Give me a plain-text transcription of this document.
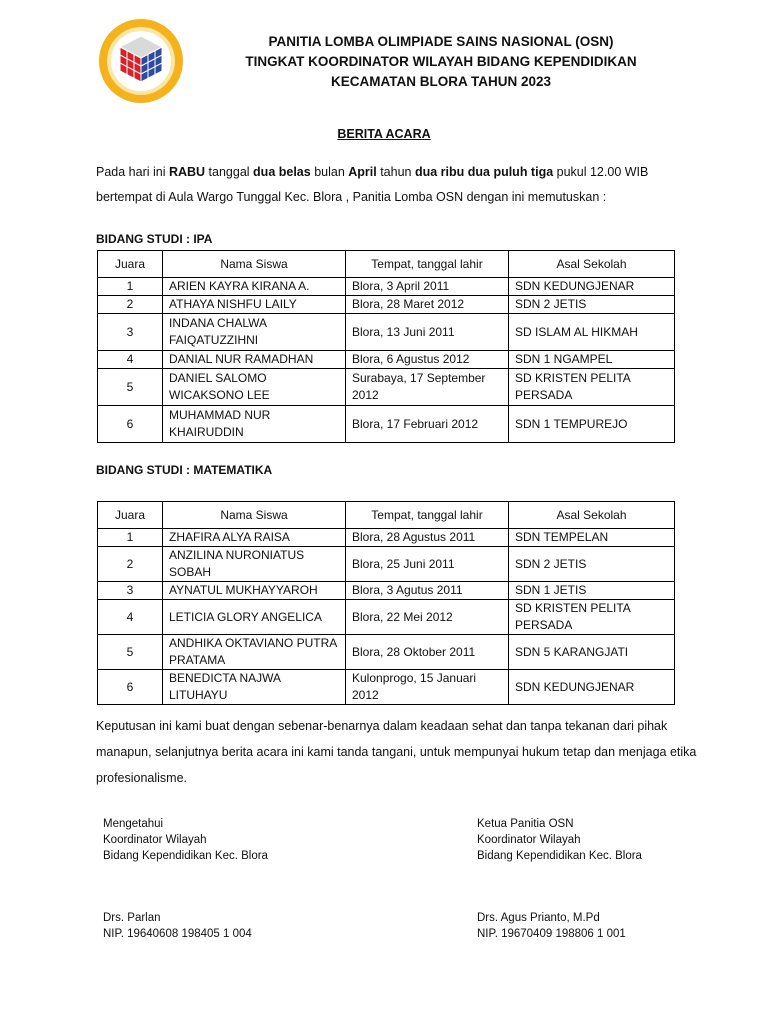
PANITIA LOMBA OLIMPIADE SAINS NASIONAL (OSN)
TINGKAT KOORDINATOR WILAYAH BIDANG KEPENDIDIKAN
KECAMATAN BLORA TAHUN 2023
BERITA ACARA
Pada hari ini RABU tanggal dua belas bulan April tahun dua ribu dua puluh tiga pukul 12.00 WIB bertempat di Aula Wargo Tunggal Kec. Blora , Panitia Lomba OSN dengan ini memutuskan :
BIDANG STUDI : IPA
Juara	Nama Siswa	Tempat, tanggal lahir	Asal Sekolah
1	ARIEN KAYRA KIRANA A.	Blora, 3 April 2011	SDN KEDUNGJENAR
2	ATHAYA NISHFU LAILY	Blora, 28 Maret 2012	SDN 2 JETIS
3	INDANA CHALWA FAIQATUZZIHNI	Blora, 13 Juni 2011	SD ISLAM AL HIKMAH
4	DANIAL NUR RAMADHAN	Blora, 6 Agustus 2012	SDN 1 NGAMPEL
5	DANIEL SALOMO WICAKSONO LEE	Surabaya, 17 September 2012	SD KRISTEN PELITA PERSADA
6	MUHAMMAD NUR KHAIRUDDIN	Blora, 17 Februari 2012	SDN 1 TEMPUREJO
BIDANG STUDI : MATEMATIKA
Juara	Nama Siswa	Tempat, tanggal lahir	Asal Sekolah
1	ZHAFIRA ALYA RAISA	Blora, 28 Agustus 2011	SDN TEMPELAN
2	ANZILINA NURONIATUS SOBAH	Blora, 25 Juni 2011	SDN 2 JETIS
3	AYNATUL MUKHAYYAROH	Blora, 3 Agutus 2011	SDN 1 JETIS
4	LETICIA GLORY ANGELICA	Blora, 22 Mei 2012	SD KRISTEN PELITA PERSADA
5	ANDHIKA OKTAVIANO PUTRA PRATAMA	Blora, 28 Oktober 2011	SDN 5 KARANGJATI
6	BENEDICTA NAJWA LITUHAYU	Kulonprogo, 15 Januari 2012	SDN KEDUNGJENAR
Keputusan ini kami buat dengan sebenar-benarnya dalam keadaan sehat dan tanpa tekanan dari pihak manapun, selanjutnya berita acara ini kami tanda tangani, untuk mempunyai hukum tetap dan menjaga etika profesionalisme.
Mengetahui
Koordinator Wilayah
Bidang Kependidikan Kec. Blora
Ketua Panitia OSN
Koordinator Wilayah
Bidang Kependidikan Kec. Blora
Drs. Parlan
NIP. 19640608 198405 1 004
Drs. Agus Prianto, M.Pd
NIP. 19670409 198806 1 001
